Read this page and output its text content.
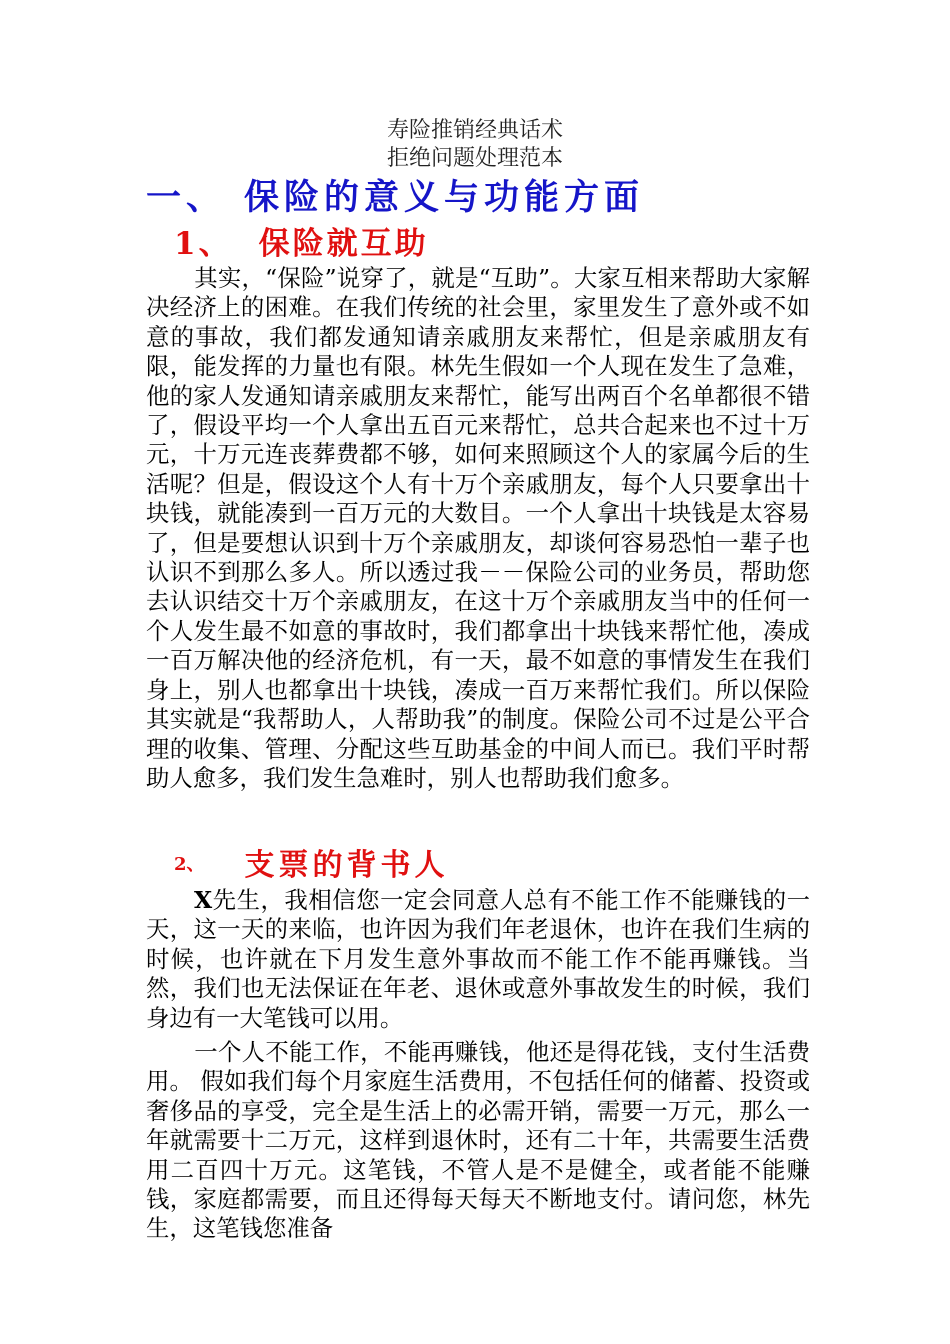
寿险推销经典话术
拒绝问题处理范本
一、 保险的意义与功能方面
1、 保险就互助

其实，“保险”说穿了，就是“互助”。大家互相来帮助大家解决经济上的困难。在我们传统的社会里，家里发生了意外或不如意的事故，我们都发通知请亲戚朋友来帮忙，但是亲戚朋友有限，能发挥的力量也有限。林先生假如一个人现在发生了急难，他的家人发通知请亲戚朋友来帮忙，能写出两百个名单都很不错了，假设平均一个人拿出五百元来帮忙，总共合起来也不过十万元，十万元连丧葬费都不够，如何来照顾这个人的家属今后的生活呢？但是，假设这个人有十万个亲戚朋友，每个人只要拿出十块钱，就能凑到一百万元的大数目。一个人拿出十块钱是太容易了，但是要想认识到十万个亲戚朋友，却谈何容易恐怕一辈子也认识不到那么多人。所以透过我－－保险公司的业务员，帮助您去认识结交十万个亲戚朋友，在这十万个亲戚朋友当中的任何一个人发生最不如意的事故时，我们都拿出十块钱来帮忙他，凑成一百万解决他的经济危机，有一天，最不如意的事情发生在我们身上，别人也都拿出十块钱，凑成一百万来帮忙我们。所以保险其实就是“我帮助人，人帮助我”的制度。保险公司不过是公平合理的收集、管理、分配这些互助基金的中间人而已。我们平时帮助人愈多，我们发生急难时，别人也帮助我们愈多。

2、 支票的背书人

X先生，我相信您一定会同意人总有不能工作不能赚钱的一天，这一天的来临，也许因为我们年老退休，也许在我们生病的时候，也许就在下月发生意外事故而不能工作不能再赚钱。当然，我们也无法保证在年老、退休或意外事故发生的时候，我们身边有一大笔钱可以用。

一个人不能工作，不能再赚钱，他还是得花钱，支付生活费用。 假如我们每个月家庭生活费用，不包括任何的储蓄、投资或奢侈品的享受，完全是生活上的必需开销，需要一万元，那么一年就需要十二万元，这样到退休时，还有二十年，共需要生活费用二百四十万元。这笔钱，不管人是不是健全，或者能不能赚钱，家庭都需要，而且还得每天每天不断地支付。请问您，林先生，这笔钱您准备
